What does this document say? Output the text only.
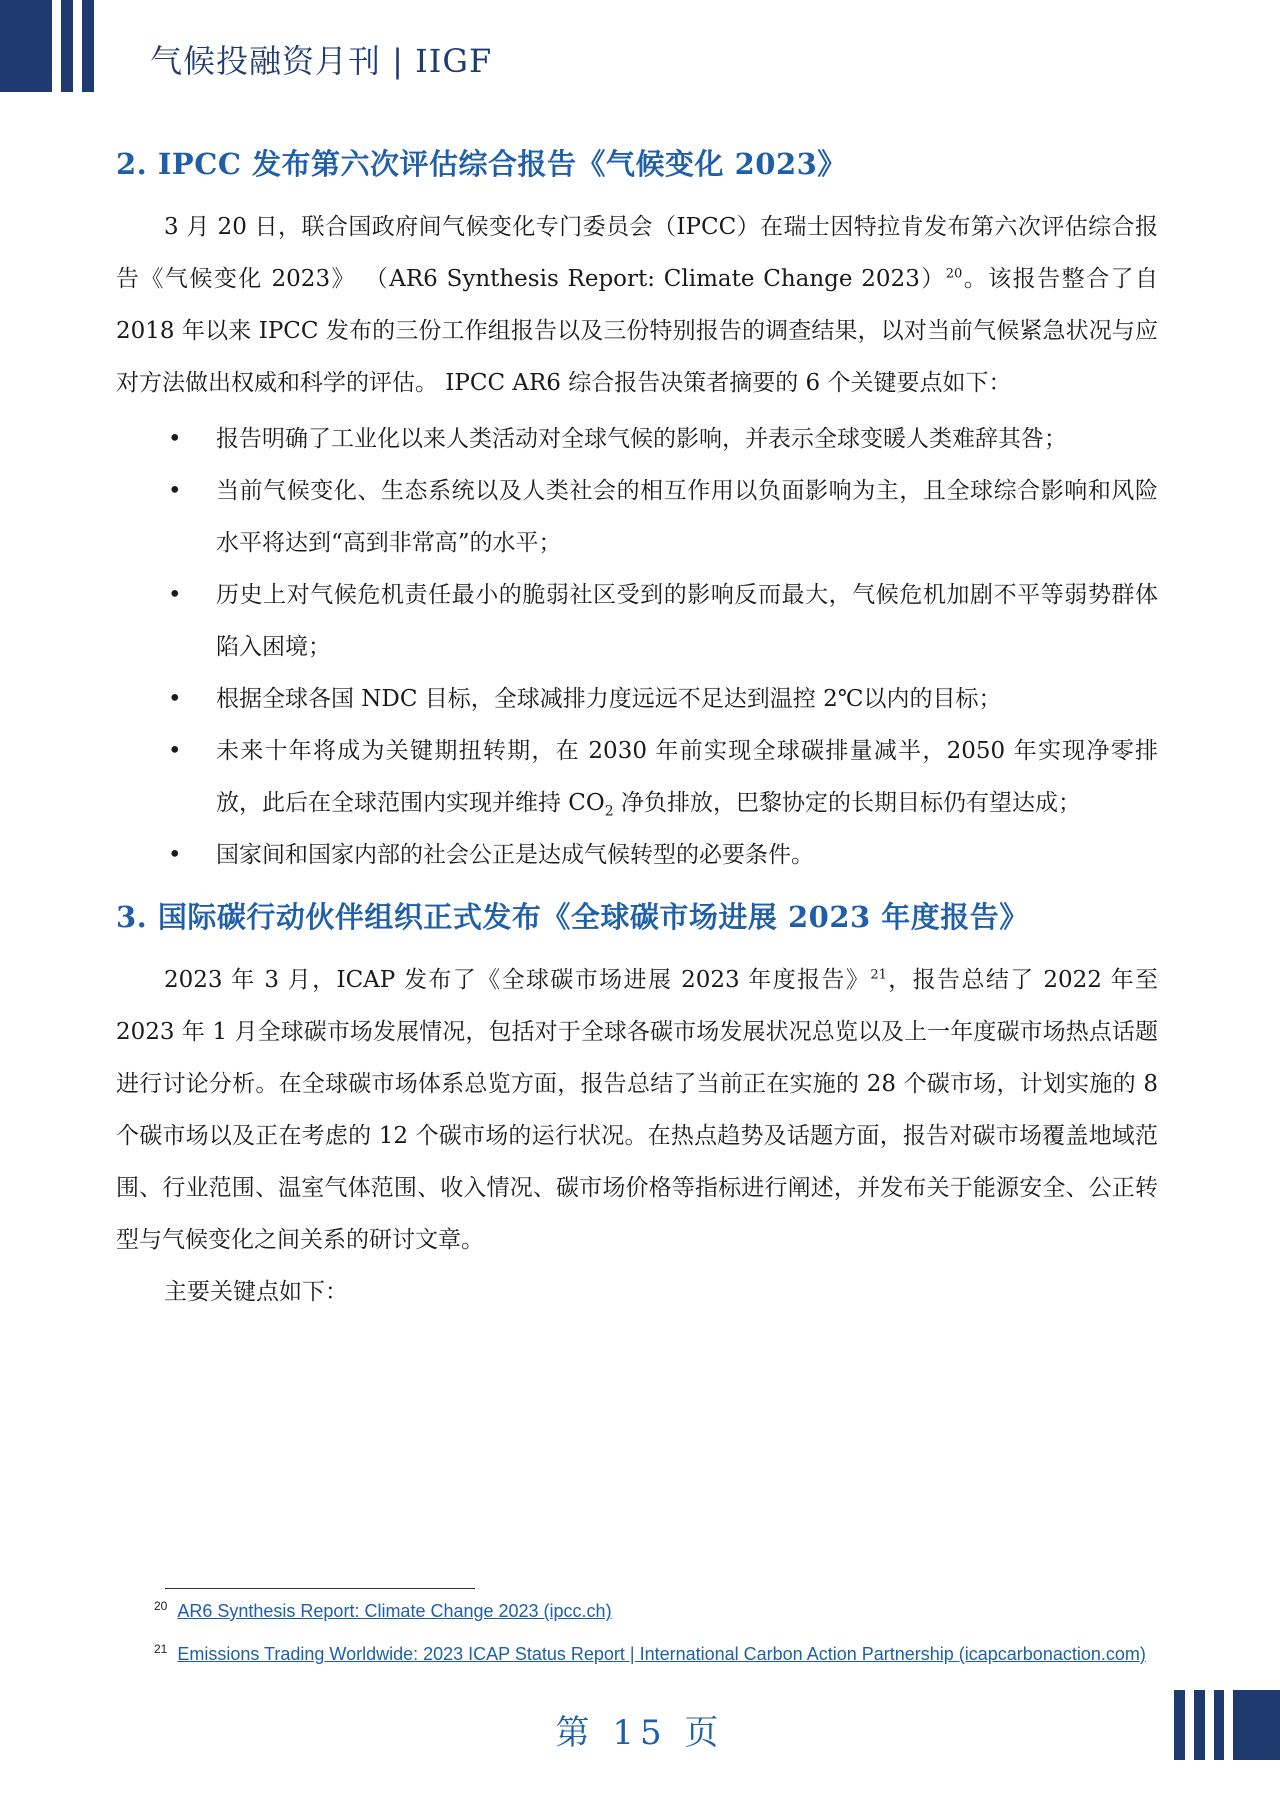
气候投融资月刊 | IIGF
2. IPCC 发布第六次评估综合报告《气候变化 2023》

3 月 20 日，联合国政府间气候变化专门委员会（IPCC）在瑞士因特拉肯发布第六次评估综合报告《气候变化 2023》 （AR6 Synthesis Report: Climate Change 2023）$^{20}$。该报告整合了自 2018 年以来 IPCC 发布的三份工作组报告以及三份特别报告的调查结果，以对当前气候紧急状况与应对方法做出权威和科学的评估。 IPCC AR6 综合报告决策者摘要的 6 个关键要点如下：

• 报告明确了工业化以来人类活动对全球气候的影响，并表示全球变暖人类难辞其咎；
• 当前气候变化、生态系统以及人类社会的相互作用以负面影响为主，且全球综合影响和风险水平将达到“高到非常高”的水平；
• 历史上对气候危机责任最小的脆弱社区受到的影响反而最大，气候危机加剧不平等弱势群体陷入困境；
• 根据全球各国 NDC 目标，全球减排力度远远不足达到温控 2℃以内的目标；
• 未来十年将成为关键期扭转期，在 2030 年前实现全球碳排量减半，2050 年实现净零排放，此后在全球范围内实现并维持 $CO_2$ 净负排放，巴黎协定的长期目标仍有望达成；
• 国家间和国家内部的社会公正是达成气候转型的必要条件。
3. 国际碳行动伙伴组织正式发布《全球碳市场进展 2023 年度报告》

2023 年 3 月，ICAP 发布了《全球碳市场进展 2023 年度报告》$^{21}$，报告总结了 2022 年至 2023 年 1 月全球碳市场发展情况，包括对于全球各碳市场发展状况总览以及上一年度碳市场热点话题进行讨论分析。在全球碳市场体系总览方面，报告总结了当前正在实施的 28 个碳市场，计划实施的 8 个碳市场以及正在考虑的 12 个碳市场的运行状况。在热点趋势及话题方面，报告对碳市场覆盖地域范围、行业范围、温室气体范围、收入情况、碳市场价格等指标进行阐述，并发布关于能源安全、公正转型与气候变化之间关系的研讨文章。

主要关键点如下：

$^{20}$ AR6 Synthesis Report: Climate Change 2023 (ipcc.ch)
$^{21}$ Emissions Trading Worldwide: 2023 ICAP Status Report | International Carbon Action Partnership (icapcarbonaction.com)
第 15 页
